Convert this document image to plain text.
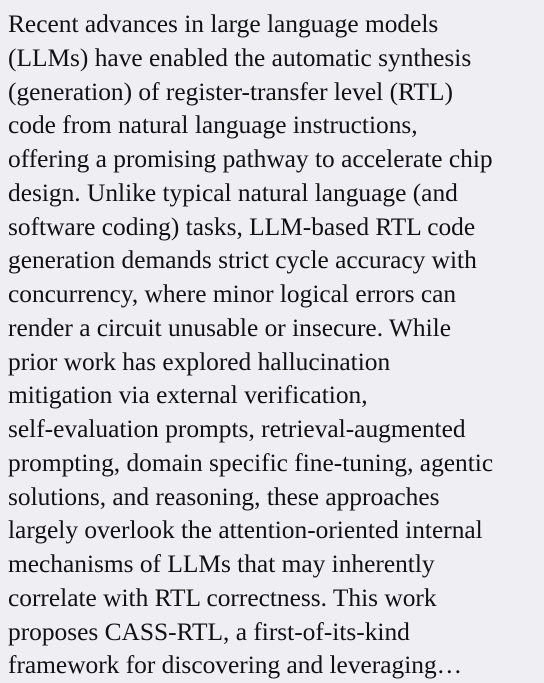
Recent advances in large language models
(LLMs) have enabled the automatic synthesis
(generation) of register-transfer level (RTL)
code from natural language instructions,
offering a promising pathway to accelerate chip
design. Unlike typical natural language (and
software coding) tasks, LLM-based RTL code
generation demands strict cycle accuracy with
concurrency, where minor logical errors can
render a circuit unusable or insecure. While
prior work has explored hallucination
mitigation via external verification,
self-evaluation prompts, retrieval-augmented
prompting, domain specific fine-tuning, agentic
solutions, and reasoning, these approaches
largely overlook the attention-oriented internal
mechanisms of LLMs that may inherently
correlate with RTL correctness. This work
proposes CASS-RTL, a first-of-its-kind
framework for discovering and leveraging…
